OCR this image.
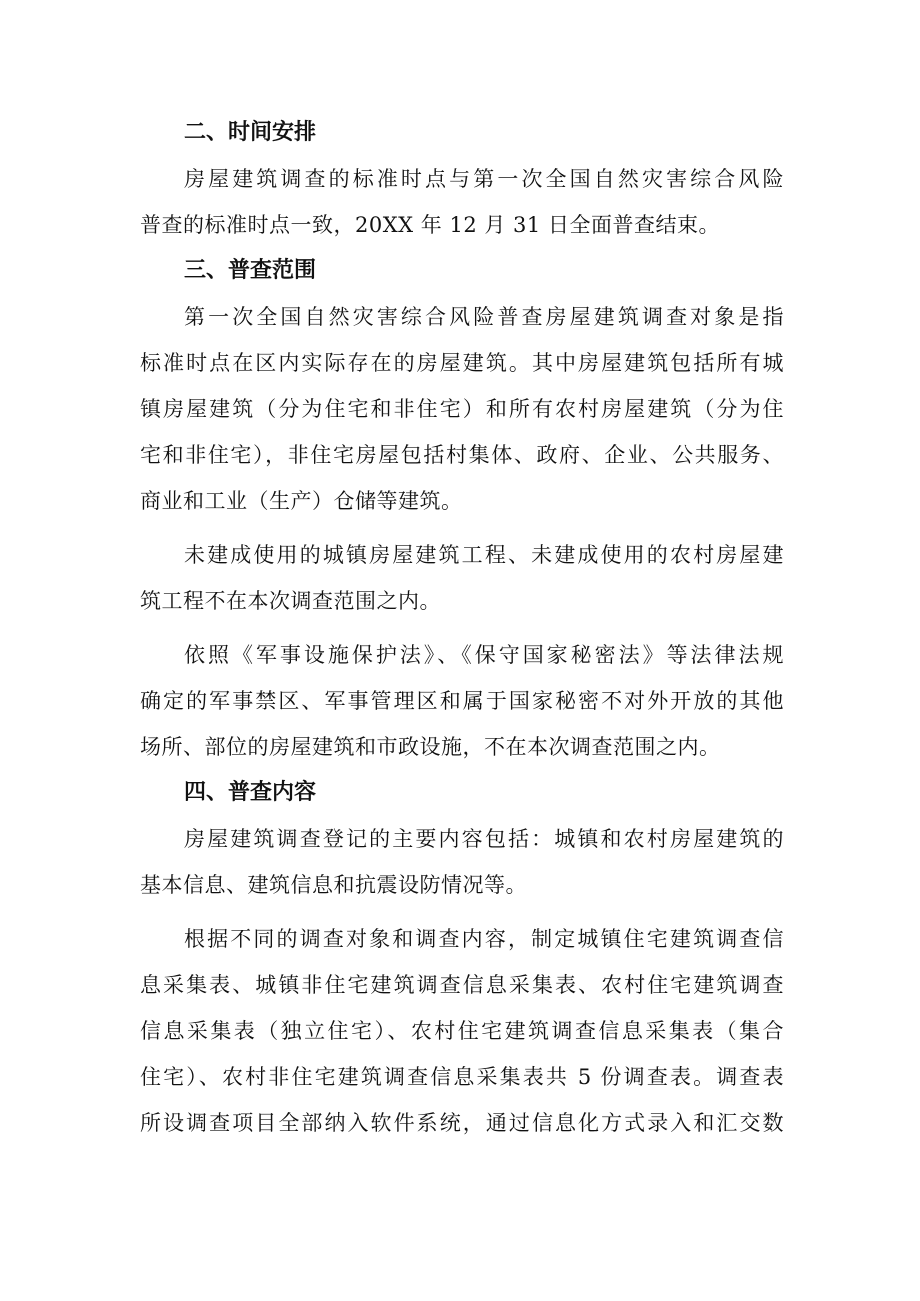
二、时间安排
房屋建筑调查的标准时点与第一次全国自然灾害综合风险
普查的标准时点一致，20XX 年 12 月 31 日全面普查结束。
三、普查范围
第一次全国自然灾害综合风险普查房屋建筑调查对象是指
标准时点在区内实际存在的房屋建筑。其中房屋建筑包括所有城
镇房屋建筑（分为住宅和非住宅）和所有农村房屋建筑（分为住
宅和非住宅），非住宅房屋包括村集体、政府、企业、公共服务、
商业和工业（生产）仓储等建筑。
未建成使用的城镇房屋建筑工程、未建成使用的农村房屋建
筑工程不在本次调查范围之内。
依照《军事设施保护法》、《保守国家秘密法》等法律法规
确定的军事禁区、军事管理区和属于国家秘密不对外开放的其他
场所、部位的房屋建筑和市政设施，不在本次调查范围之内。
四、普查内容
房屋建筑调查登记的主要内容包括：城镇和农村房屋建筑的
基本信息、建筑信息和抗震设防情况等。
根据不同的调查对象和调查内容，制定城镇住宅建筑调查信
息采集表、城镇非住宅建筑调查信息采集表、农村住宅建筑调查
信息采集表（独立住宅）、农村住宅建筑调查信息采集表（集合
住宅）、农村非住宅建筑调查信息采集表共 5 份调查表。调查表
所设调查项目全部纳入软件系统，通过信息化方式录入和汇交数
